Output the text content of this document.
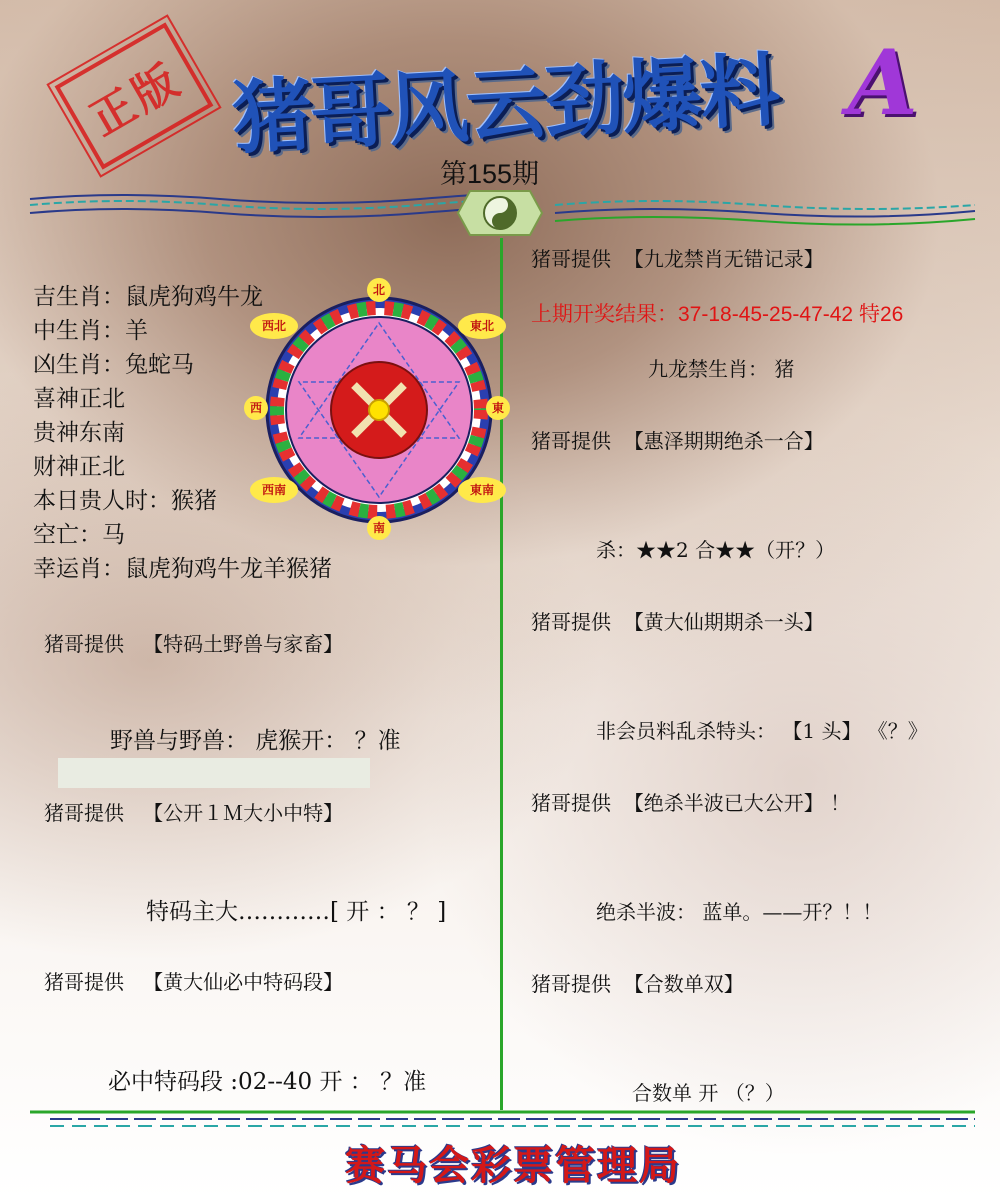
正版 猪哥风云劲爆料 A
第155期
吉生肖：鼠虎狗鸡牛龙
中生肖：羊
凶生肖：兔蛇马
喜神正北
贵神东南
财神正北
本日贵人时：猴猪
空亡：马
幸运肖：鼠虎狗鸡牛龙羊猴猪
北
南
西	東
西北	東北
西南	東南
猪哥提供 【特码土野兽与家畜】
野兽与野兽： 虎猴开： ？准
猪哥提供 【公开１Ｍ大小中特】
特码主大…………[ 开 ： ？ ]
猪哥提供 【黄大仙必中特码段】
必中特码段 :02--40 开 ： ？准
猪哥提供 【九龙禁肖无错记录】
上期开奖结果：37-18-45-25-47-42 特26
九龙禁生肖： 猪
猪哥提供 【惠泽期期绝杀一合】
杀：★★2 合★★（开？）
猪哥提供 【黄大仙期期杀一头】
非会员料乱杀特头： 【1 头】 《？》
猪哥提供 【绝杀半波已大公开】 ！
绝杀半波： 蓝单。——开？！！
猪哥提供 【合数单双】
合数单 开 （？）
赛马会彩票管理局
